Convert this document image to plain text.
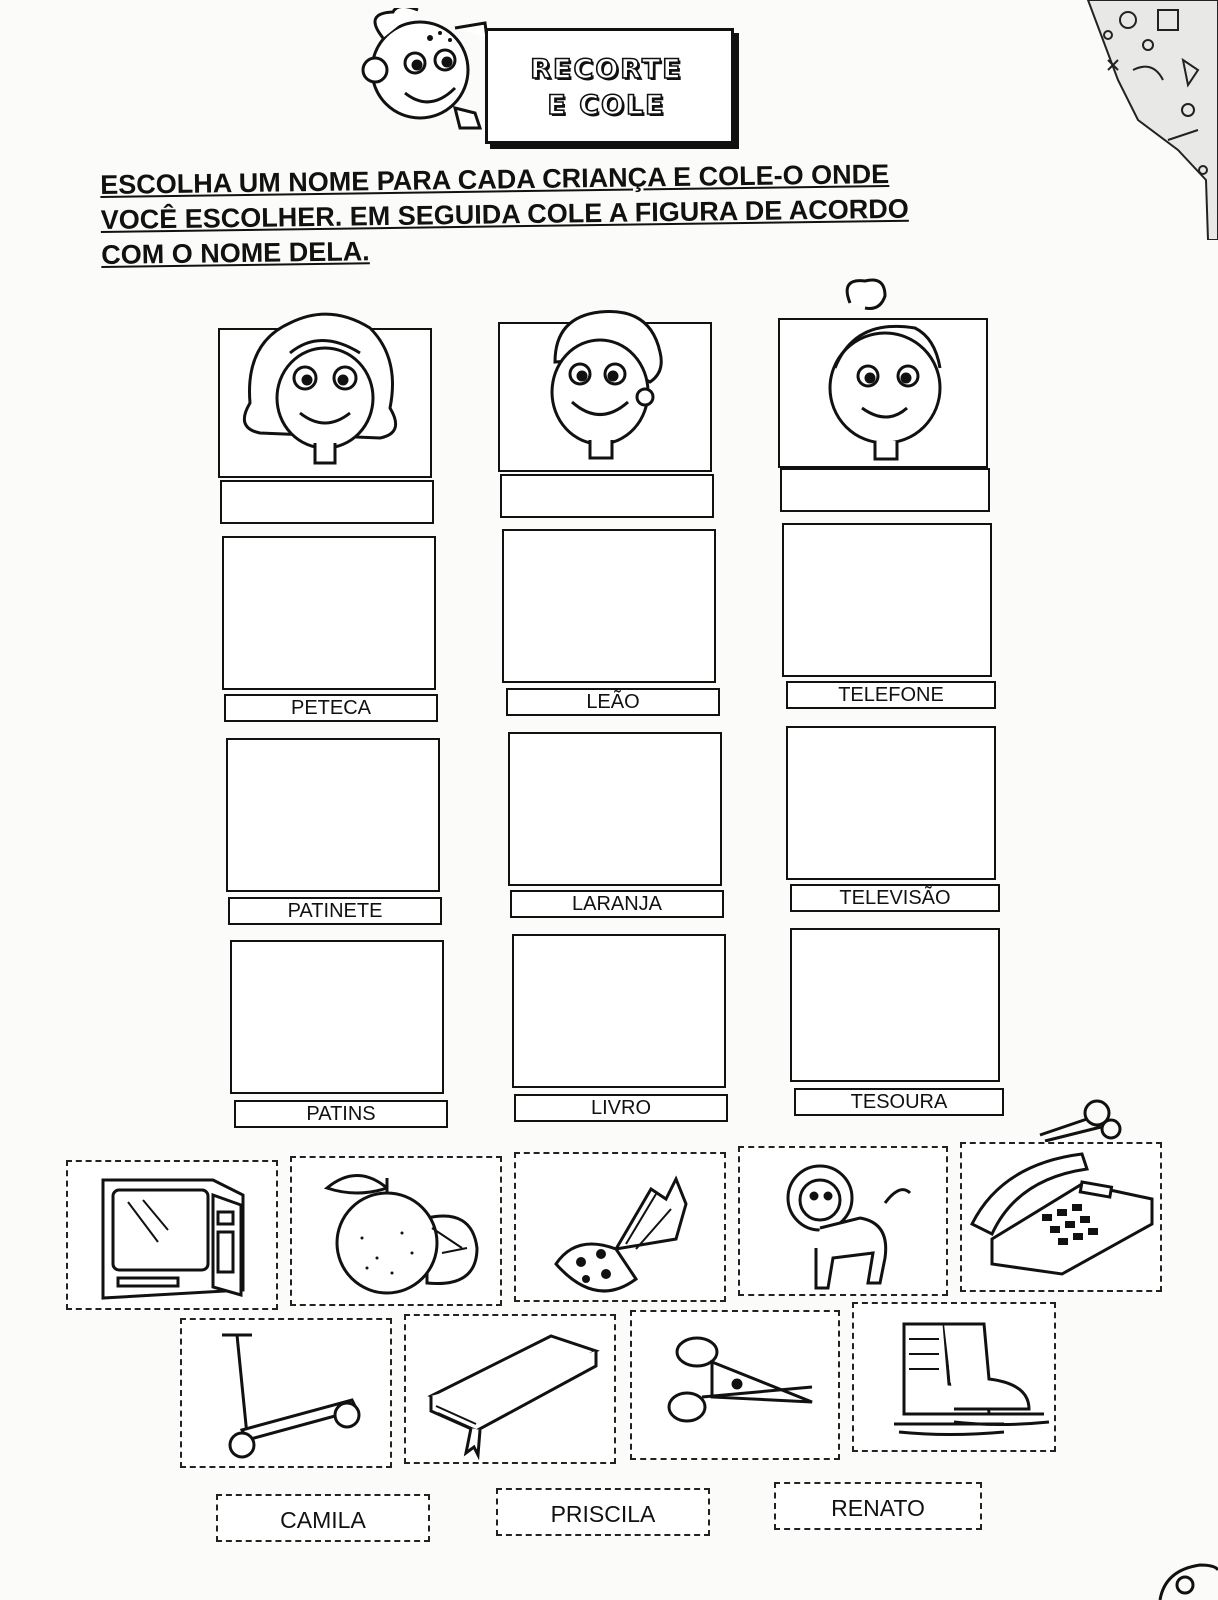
RECORTE
E COLE
ESCOLHA UM NOME PARA CADA CRIANÇA E COLE-O ONDE
VOCÊ ESCOLHER. EM SEGUIDA COLE A FIGURA DE ACORDO
COM O NOME DELA.
PETECA
PATINETE
PATINS
LEÃO
LARANJA
LIVRO
TELEFONE
TELEVISÃO
TESOURA
CAMILA	PRISCILA	RENATO
